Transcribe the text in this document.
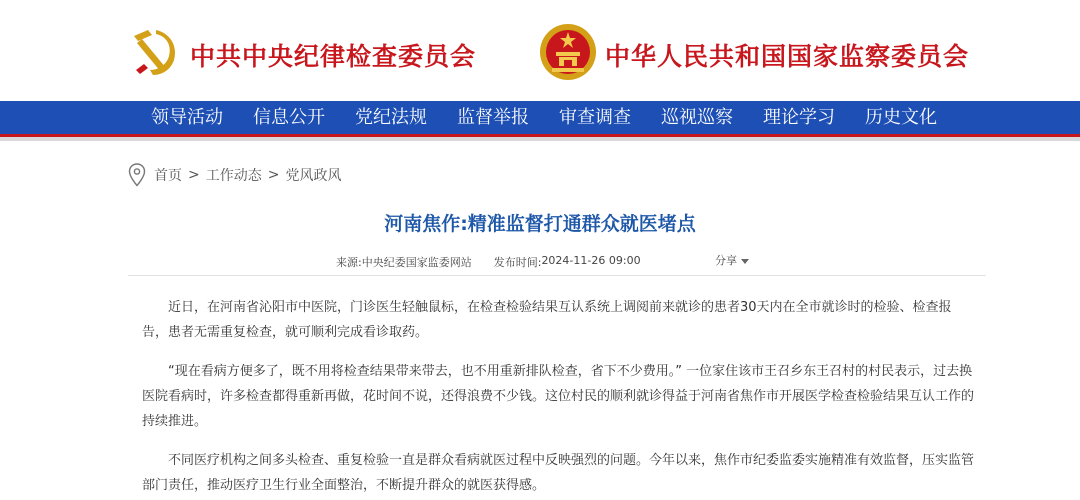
中共中央纪律检查委员会	中华人民共和国国家监察委员会
领导活动	信息公开	党纪法规	监督举报	审查调查	巡视巡察	理论学习	历史文化
首页 > 工作动态 > 党风政风
河南焦作:精准监督打通群众就医堵点
来源: 中央纪委国家监委网站 发布时间: 2024-11-26 09:00	分享

近日，在河南省沁阳市中医院，门诊医生轻触鼠标，在检查检验结果互认系统上调阅前来就诊的患者30天内在全市就诊时的检验、检查报告，患者无需重复检查，就可顺利完成看诊取药。

“现在看病方便多了，既不用将检查结果带来带去，也不用重新排队检查，省下不少费用。” 一位家住该市王召乡东王召村的村民表示，过去换医院看病时，许多检查都得重新再做，花时间不说，还得浪费不少钱。这位村民的顺利就诊得益于河南省焦作市开展医学检查检验结果互认工作的持续推进。

不同医疗机构之间多头检查、重复检验一直是群众看病就医过程中反映强烈的问题。今年以来，焦作市纪委监委实施精准有效监督，压实监管部门责任，推动医疗卫生行业全面整治，不断提升群众的就医获得感。
